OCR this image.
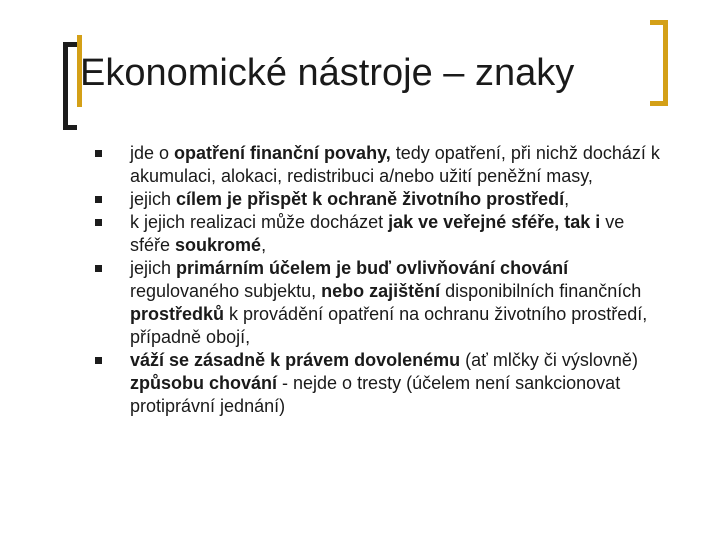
Ekonomické nástroje – znaky
jde o opatření finanční povahy, tedy opatření, při nichž dochází k akumulaci, alokaci, redistribuci a/nebo užití peněžní masy,
jejich cílem je přispět k ochraně životního prostředí,
k jejich realizaci může docházet jak ve veřejné sféře, tak i ve sféře soukromé,
jejich primárním účelem je buď ovlivňování chování regulovaného subjektu, nebo zajištění disponibilních finančních prostředků k provádění opatření na ochranu životního prostředí, případně obojí,
váží se zásadně k právem dovolenému (ať mlčky či výslovně) způsobu chování - nejde o tresty (účelem není sankcionovat protiprávní jednání)
